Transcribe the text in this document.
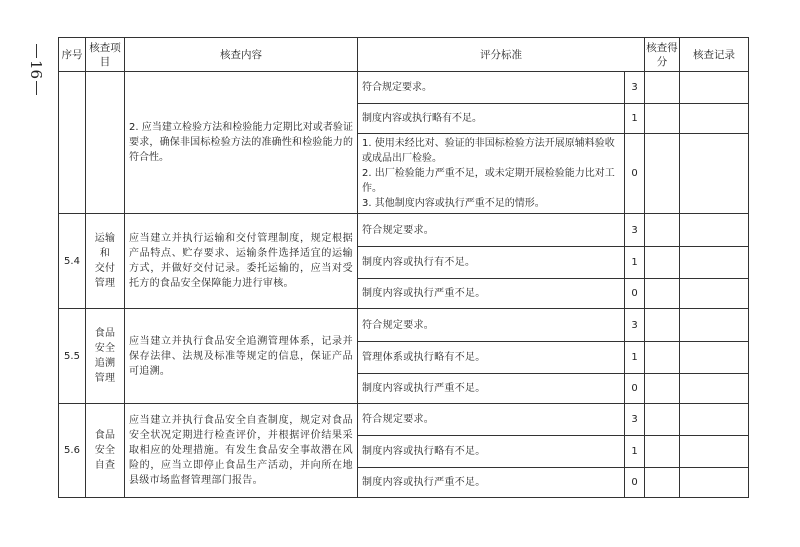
16
序号	核查项目	核查内容	评分标准		核查得分	核查记录
		2. 应当建立检验方法和检验能力定期比对或者验证要求，确保非国标检验方法的准确性和检验能力的符合性。	符合规定要求。	3		

			制度内容或执行略有不足。	1		

			1. 使用未经比对、验证的非国标检验方法开展原辅料验收或成品出厂检验。
2. 出厂检验能力严重不足，或未定期开展检验能力比对工作。
3. 其他制度内容或执行严重不足的情形。	0		
5.4	运输
和
交付
管理	应当建立并执行运输和交付管理制度，规定根据产品特点、贮存要求、运输条件选择适宜的运输方式，并做好交付记录。委托运输的，应当对受托方的食品安全保障能力进行审核。	符合规定要求。	3		

			制度内容或执行有不足。	1		

			制度内容或执行严重不足。	0		
5.5	食品
安全
追溯
管理	应当建立并执行食品安全追溯管理体系，记录并保存法律、法规及标准等规定的信息，保证产品可追溯。	符合规定要求。	3		

			管理体系或执行略有不足。	1		

			制度内容或执行严重不足。	0		
5.6	食品
安全
自查	应当建立并执行食品安全自查制度，规定对食品安全状况定期进行检查评价，并根据评价结果采取相应的处理措施。有发生食品安全事故潜在风险的，应当立即停止食品生产活动，并向所在地县级市场监督管理部门报告。	符合规定要求。	3		

			制度内容或执行略有不足。	1		

			制度内容或执行严重不足。	0		
